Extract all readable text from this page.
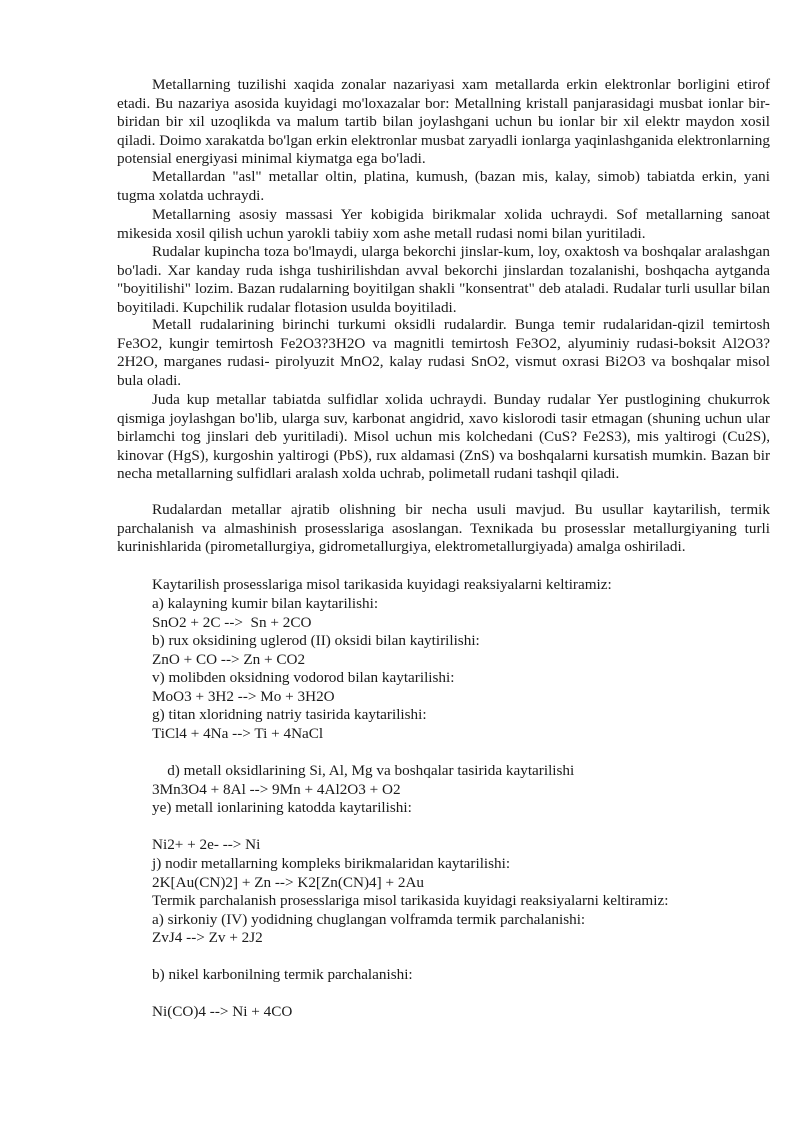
Metallarning tuzilishi xaqida zonalar nazariyasi xam metallarda erkin elektronlar borligini etirof etadi. Bu nazariya asosida kuyidagi mo'loxazalar bor: Metallning kristall panjarasidagi musbat ionlar bir-biridan bir xil uzoqlikda va malum tartib bilan joylashgani uchun bu ionlar bir xil elektr maydon xosil qiladi. Doimo xarakatda bo'lgan erkin elektronlar musbat zaryadli ionlarga yaqinlashganida elektronlarning potensial energiyasi minimal kiymatga ega bo'ladi.

Metallardan "asl" metallar oltin, platina, kumush, (bazan mis, kalay, simob) tabiatda erkin, yani tugma xolatda uchraydi.

Metallarning asosiy massasi Yer kobigida birikmalar xolida uchraydi. Sof metallarning sanoat mikesida xosil qilish uchun yarokli tabiiy xom ashe metall rudasi nomi bilan yuritiladi.

Rudalar kupincha toza bo'lmaydi, ularga bekorchi jinslar-kum, loy, oxaktosh va boshqalar aralashgan bo'ladi. Xar kanday ruda ishga tushirilishdan avval bekorchi jinslardan tozalanishi, boshqacha aytganda "boyitilishi" lozim. Bazan rudalarning boyitilgan shakli "konsentrat" deb ataladi. Rudalar turli usullar bilan boyitiladi. Kupchilik rudalar flotasion usulda boyitiladi.

Metall rudalarining birinchi turkumi oksidli rudalardir. Bunga temir rudalaridan-qizil temirtosh Fe3O2, kungir temirtosh Fe2O3?3H2O va magnitli temirtosh Fe3O2, alyuminiy rudasi-boksit Al2O3?2H2O, marganes rudasi- pirolyuzit MnO2, kalay rudasi SnO2, vismut oxrasi Bi2O3 va boshqalar misol bula oladi.

Juda kup metallar tabiatda sulfidlar xolida uchraydi. Bunday rudalar Yer pustlogining chukurrok qismiga joylashgan bo'lib, ularga suv, karbonat angidrid, xavo kislorodi tasir etmagan (shuning uchun ular birlamchi tog jinslari deb yuritiladi). Misol uchun mis kolchedani (CuS? Fe2S3), mis yaltirogi (Cu2S), kinovar (HgS), kurgoshin yaltirogi (PbS), rux aldamasi (ZnS) va boshqalarni kursatish mumkin. Bazan bir necha metallarning sulfidlari aralash xolda uchrab, polimetall rudani tashqil qiladi.

Rudalardan metallar ajratib olishning bir necha usuli mavjud. Bu usullar kaytarilish, termik parchalanish va almashinish prosesslariga asoslangan. Texnikada bu prosesslar metallurgiyaning turli kurinishlarida (pirometallurgiya, gidrometallurgiya, elektrometallurgiyada) amalga oshiriladi.

Kaytarilish prosesslariga misol tarikasida kuyidagi reaksiyalarni keltiramiz:

a) kalayning kumir bilan kaytarilishi:

SnO2 + 2C -->  Sn + 2CO

b) rux oksidining uglerod (II) oksidi bilan kaytirilishi:

ZnO + CO --> Zn + CO2

v) molibden oksidning vodorod bilan kaytarilishi:

MoO3 + 3H2 --> Mo + 3H2O

g) titan xloridning natriy tasirida kaytarilishi:

TiCl4 + 4Na --> Ti + 4NaCl

d) metall oksidlarining Si, Al, Mg va boshqalar tasirida kaytarilishi

3Mn3O4 + 8Al --> 9Mn + 4Al2O3 + O2

ye) metall ionlarining katodda kaytarilishi:

Ni2+ + 2e- --> Ni

j) nodir metallarning kompleks birikmalaridan kaytarilishi:

2K[Au(CN)2] + Zn --> K2[Zn(CN)4] + 2Au

Termik parchalanish prosesslariga misol tarikasida kuyidagi reaksiyalarni keltiramiz:

a) sirkoniy (IV) yodidning chuglangan volframda termik parchalanishi:

ZvJ4 --> Zv + 2J2

b) nikel karbonilning termik parchalanishi:

Ni(CO)4 --> Ni + 4CO
